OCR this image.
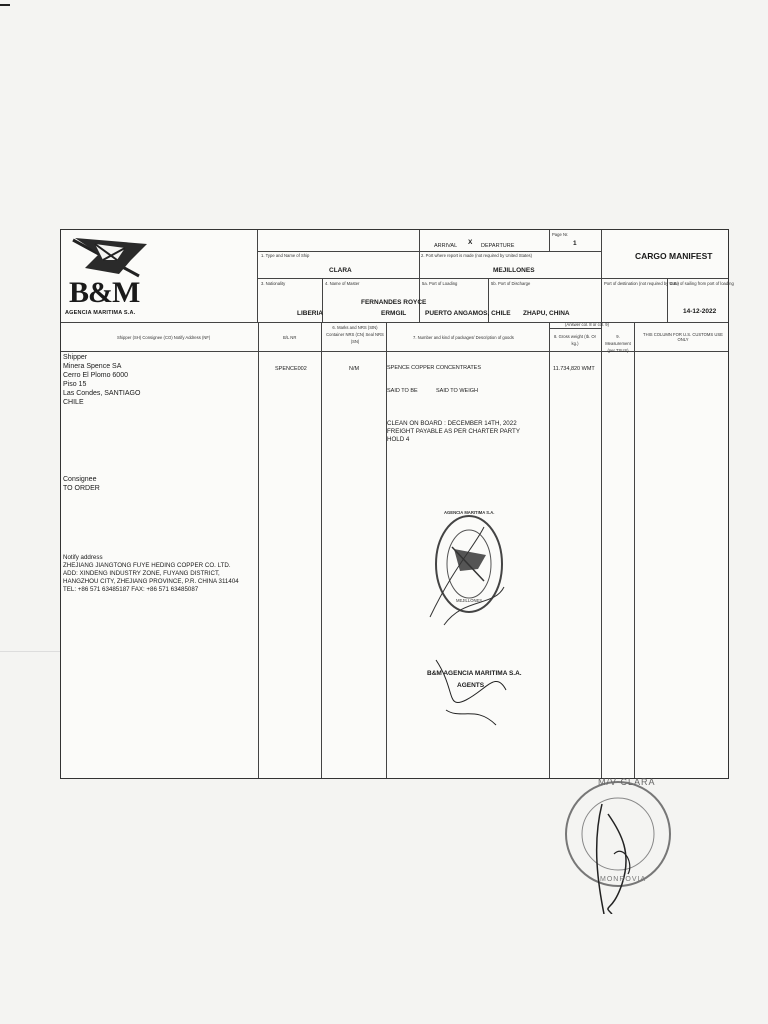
B&M
AGENCIA MARITIMA S.A.
ARRIVAL X DEPARTURE
Page Nr.
1
CARGO MANIFEST
1. Type and Name of Ship
CLARA
2. Port where report is made (not required by United States)
MEJILLONES
3. Nationality
LIBERIA
4. Name of Master
FERNANDES ROYCE
ERMGIL
5a. Port of Loading
PUERTO ANGAMOS, CHILE
5b. Port of Discharge
ZHAPU, CHINA
Port of destination (not required by U.S.)
Date of sailing from port of loading
14-12-2022
Shipper (SH) Consignee (CO) Notify Address (NF)	B/L NR
6. Marks and NRS (StN) Container NRS (CN) Seal NRS (SN)
7. Number and kind of packages/ Description of goods
(Answer col. 8 or col. 9)
8. Gross weight (Ib. Or kg.)
9. Measurement (per TSUS)
THIS COLUMN FOR U.S. CUSTOMS USE ONLY
Shipper
Minera Spence SA
Cerro El Plomo 6000
Piso 15
Las Condes, SANTIAGO
CHILE
Consignee
TO ORDER
Notify address
ZHEJIANG JIANGTONG FUYE HEDING COPPER CO. LTD.
ADD: XINDENG INDUSTRY ZONE, FUYANG DISTRICT,
HANGZHOU CITY, ZHEJIANG PROVINCE, P.R. CHINA 311404
TEL: +86 571 63485187 FAX: +86 571 63485087
SPENCE002	N/M	SPENCE COPPER CONCENTRATES
SAID TO BE	SAID TO WEIGH
CLEAN ON BOARD : DECEMBER 14TH, 2022
FREIGHT PAYABLE AS PER CHARTER PARTY
HOLD 4
11.734,820 WMT
AGENCIA MARITIMA S.A.
MEJILLONES
B&M AGENCIA MARITIMA S.A.
AGENTS
M/V CLARA
MONROVIA
